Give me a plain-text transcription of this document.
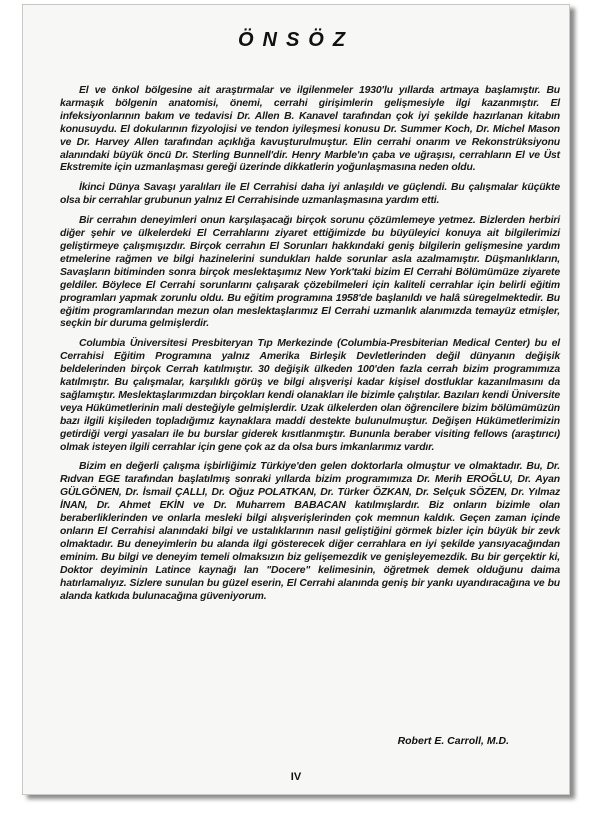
ÖNSÖZ

El ve önkol bölgesine ait araştırmalar ve ilgilenmeler 1930'lu yıllarda artmaya başlamıştır. Bu karmaşık bölgenin anatomisi, önemi, cerrahi girişimlerin gelişmesiyle ilgi kazanmıştır. El infeksiyonlarının bakım ve tedavisi Dr. Allen B. Kanavel tarafından çok iyi şekilde hazırlanan kitabın konusuydu. El dokularının fizyolojisi ve tendon iyileşmesi konusu Dr. Summer Koch, Dr. Michel Mason ve Dr. Harvey Allen tarafından açıklığa kavuşturulmuştur. Elin cerrahi onarım ve Rekonstrüksiyonu alanındaki büyük öncü Dr. Sterling Bunnell'dir. Henry Marble'ın çaba ve uğraşısı, cerrahların El ve Üst Ekstremite için uzmanlaşması gereği üzerinde dikkatlerin yoğunlaşmasına neden oldu.

İkinci Dünya Savaşı yaralıları ile El Cerrahisi daha iyi anlaşıldı ve güçlendi. Bu çalışmalar küçükte olsa bir cerrahlar grubunun yalnız El Cerrahisinde uzmanlaşmasına yardım etti.

Bir cerrahın deneyimleri onun karşılaşacağı birçok sorunu çözümlemeye yetmez. Bizlerden herbiri diğer şehir ve ülkelerdeki El Cerrahlarını ziyaret ettiğimizde bu büyüleyici konuya ait bilgilerimizi geliştirmeye çalışmışızdır. Birçok cerrahın El Sorunları hakkındaki geniş bilgilerin gelişmesine yardım etmelerine rağmen ve bilgi hazinelerini sundukları halde sorunlar asla azalmamıştır. Düşmanlıkların, Savaşların bitiminden sonra birçok meslektaşımız New York'taki bizim El Cerrahi Bölümümüze ziyarete geldiler. Böylece El Cerrahi sorunlarını çalışarak çözebilmeleri için kaliteli cerrahlar için belirli eğitim programları yapmak zorunlu oldu. Bu eğitim programına 1958'de başlanıldı ve halâ süregelmektedir. Bu eğitim programlarından mezun olan meslektaşlarımız El Cerrahi uzmanlık alanımızda temayüz etmişler, seçkin bir duruma gelmişlerdir.

Columbia Üniversitesi Presbiteryan Tıp Merkezinde (Columbia-Presbiterian Medical Center) bu el Cerrahisi Eğitim Programına yalnız Amerika Birleşik Devletlerinden değil dünyanın değişik beldelerinden birçok Cerrah katılmıştır. 30 değişik ülkeden 100'den fazla cerrah bizim programımıza katılmıştır. Bu çalışmalar, karşılıklı görüş ve bilgi alışverişi kadar kişisel dostluklar kazanılmasını da sağlamıştır. Meslektaşlarımızdan birçokları kendi olanakları ile bizimle çalıştılar. Bazıları kendi Üniversite veya Hükümetlerinin mali desteğiyle gelmişlerdir. Uzak ülkelerden olan öğrencilere bizim bölümümüzün bazı ilgili kişileden topladığımız kaynaklara maddi destekte bulunulmuştur. Değişen Hükümetlerimizin getirdiği vergi yasaları ile bu burslar giderek kısıtlanmıştır. Bununla beraber visiting fellows (araştırıcı) olmak isteyen ilgili cerrahlar için gene çok az da olsa burs imkanlarımız vardır.

Bizim en değerli çalışma işbirliğimiz Türkiye'den gelen doktorlarla olmuştur ve olmaktadır. Bu, Dr. Rıdvan EGE tarafından başlatılmış sonraki yıllarda bizim programımıza Dr. Merih EROĞLU, Dr. Ayan GÜLGÖNEN, Dr. İsmail ÇALLI, Dr. Oğuz POLATKAN, Dr. Türker ÖZKAN, Dr. Selçuk SÖZEN, Dr. Yılmaz İNAN, Dr. Ahmet EKİN ve Dr. Muharrem BABACAN katılmışlardır. Biz onların bizimle olan beraberliklerinden ve onlarla mesleki bilgi alışverişlerinden çok memnun kaldık. Geçen zaman içinde onların El Cerrahisi alanındaki bilgi ve ustalıklarının nasıl geliştiğini görmek bizler için büyük bir zevk olmaktadır. Bu deneyimlerin bu alanda ilgi gösterecek diğer cerrahlara en iyi şekilde yansıyacağından eminim. Bu bilgi ve deneyim temeli olmaksızın biz gelişemezdik ve genişleyemezdik. Bu bir gerçektir ki, Doktor deyiminin Latince kaynağı lan "Docere" kelimesinin, öğretmek demek olduğunu daima hatırlamalıyız. Sizlere sunulan bu güzel eserin, El Cerrahi alanında geniş bir yankı uyandıracağına ve bu alanda katkıda bulunacağına güveniyorum.

Robert E. Carroll, M.D.
IV
